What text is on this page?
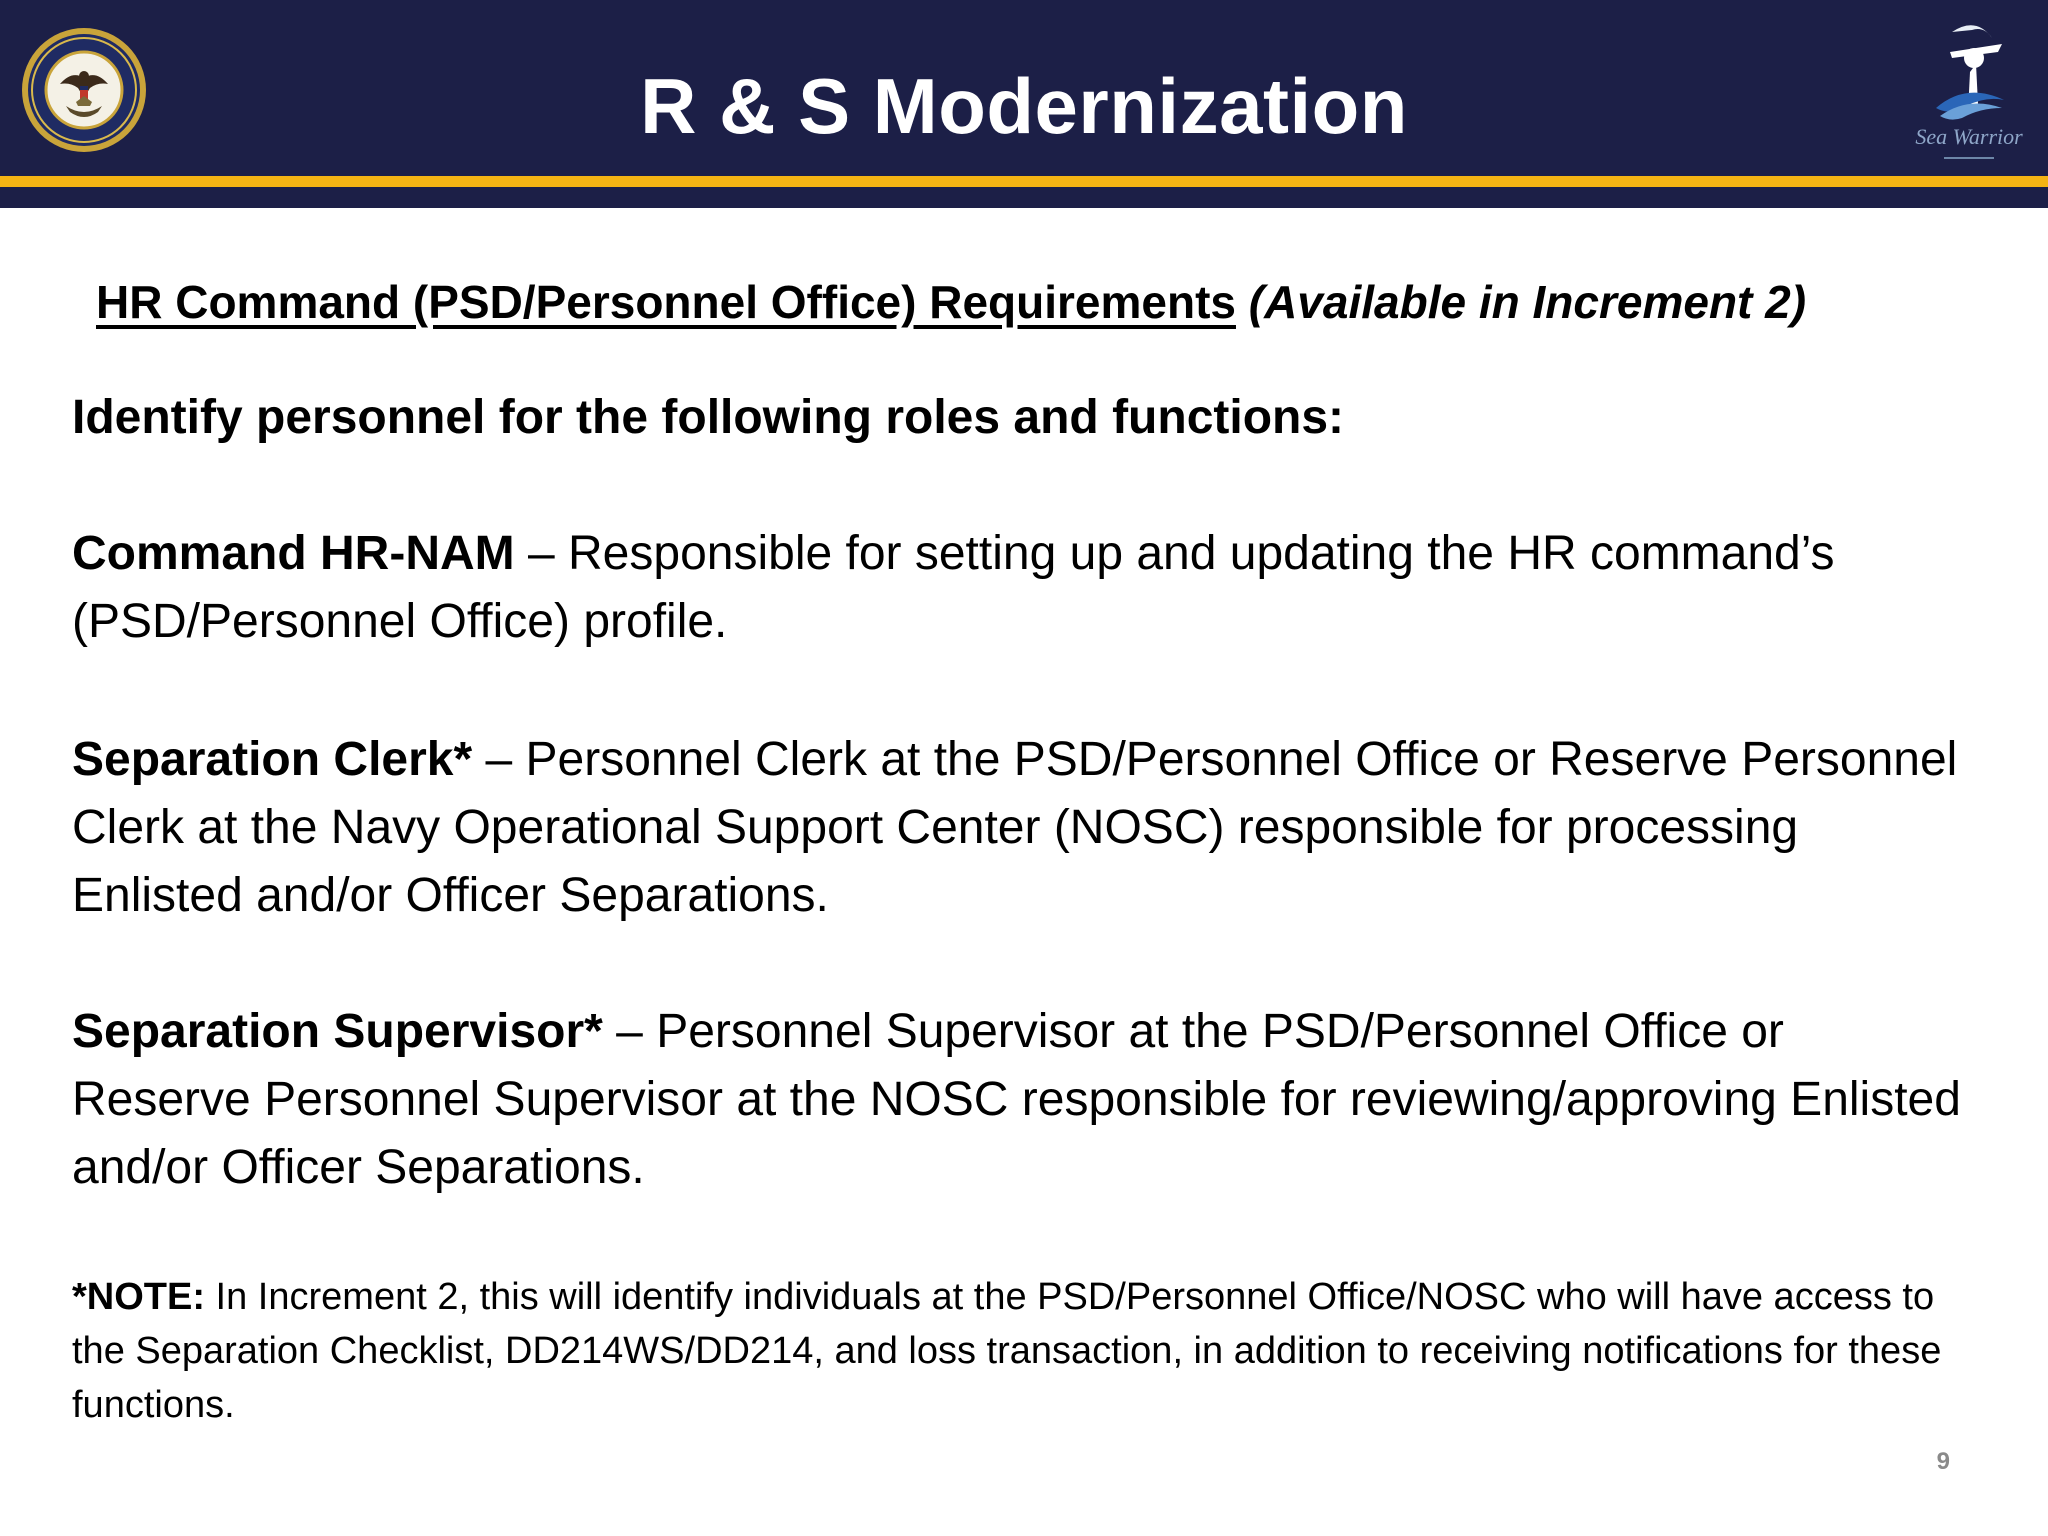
R & S Modernization	Sea Warrior
HR Command (PSD/Personnel Office) Requirements (Available in Increment 2)
Identify personnel for the following roles and functions:
Command HR-NAM – Responsible for setting up and updating the HR command’s (PSD/Personnel Office) profile.
Separation Clerk* – Personnel Clerk at the PSD/Personnel Office or Reserve Personnel Clerk at the Navy Operational Support Center (NOSC) responsible for processing Enlisted and/or Officer Separations.
Separation Supervisor* – Personnel Supervisor at the PSD/Personnel Office or Reserve Personnel Supervisor at the NOSC responsible for reviewing/approving Enlisted and/or Officer Separations.
*NOTE: In Increment 2, this will identify individuals at the PSD/Personnel Office/NOSC who will have access to the Separation Checklist, DD214WS/DD214, and loss transaction, in addition to receiving notifications for these functions.
9
